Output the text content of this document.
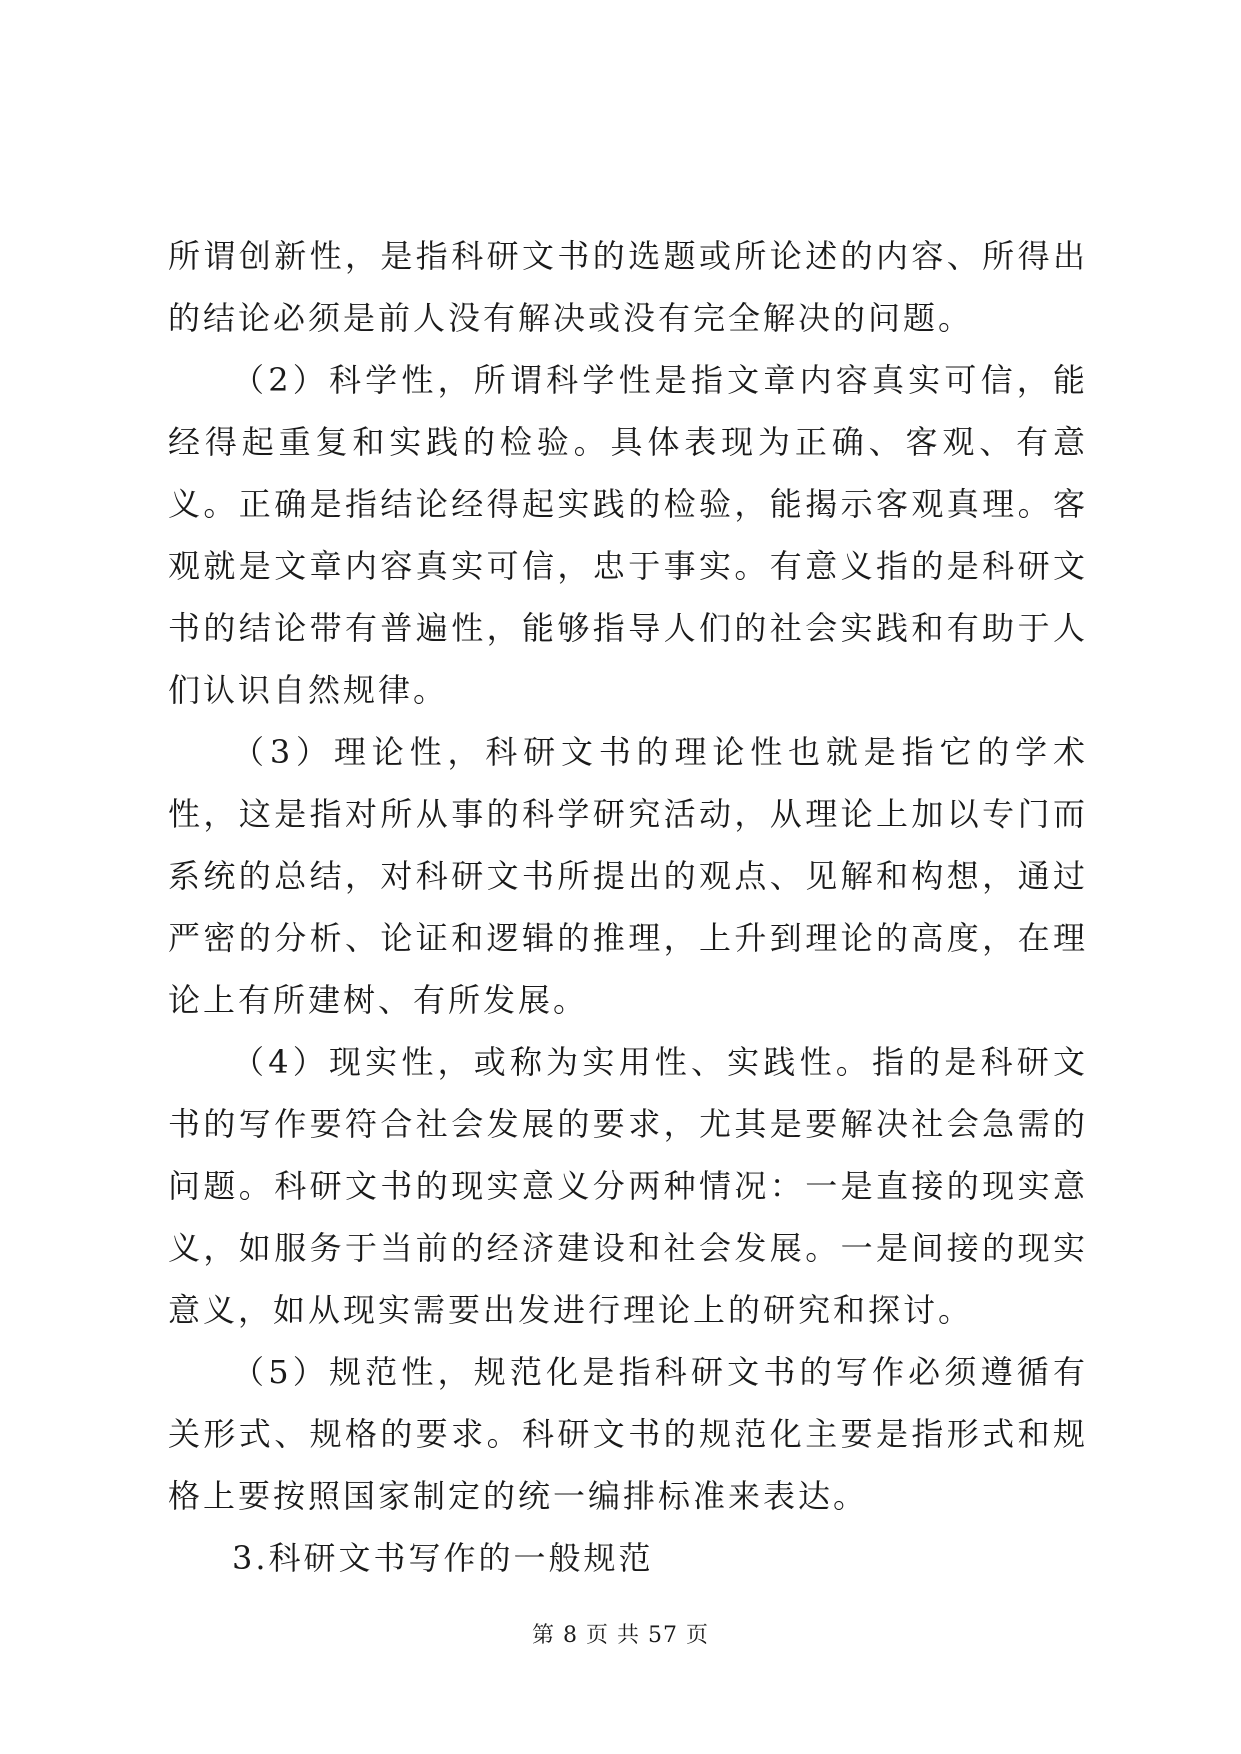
所谓创新性，是指科研文书的选题或所论述的内容、所得出的结论必须是前人没有解决或没有完全解决的问题。

（2）科学性，所谓科学性是指文章内容真实可信，能经得起重复和实践的检验。具体表现为正确、客观、有意义。正确是指结论经得起实践的检验，能揭示客观真理。客观就是文章内容真实可信，忠于事实。有意义指的是科研文书的结论带有普遍性，能够指导人们的社会实践和有助于人们认识自然规律。

（3）理论性，科研文书的理论性也就是指它的学术性，这是指对所从事的科学研究活动，从理论上加以专门而系统的总结，对科研文书所提出的观点、见解和构想，通过严密的分析、论证和逻辑的推理，上升到理论的高度，在理论上有所建树、有所发展。

（4）现实性，或称为实用性、实践性。指的是科研文书的写作要符合社会发展的要求，尤其是要解决社会急需的问题。科研文书的现实意义分两种情况：一是直接的现实意义，如服务于当前的经济建设和社会发展。一是间接的现实意义，如从现实需要出发进行理论上的研究和探讨。

（5）规范性，规范化是指科研文书的写作必须遵循有关形式、规格的要求。科研文书的规范化主要是指形式和规格上要按照国家制定的统一编排标准来表达。

3.科研文书写作的一般规范

第 8 页 共 57 页
